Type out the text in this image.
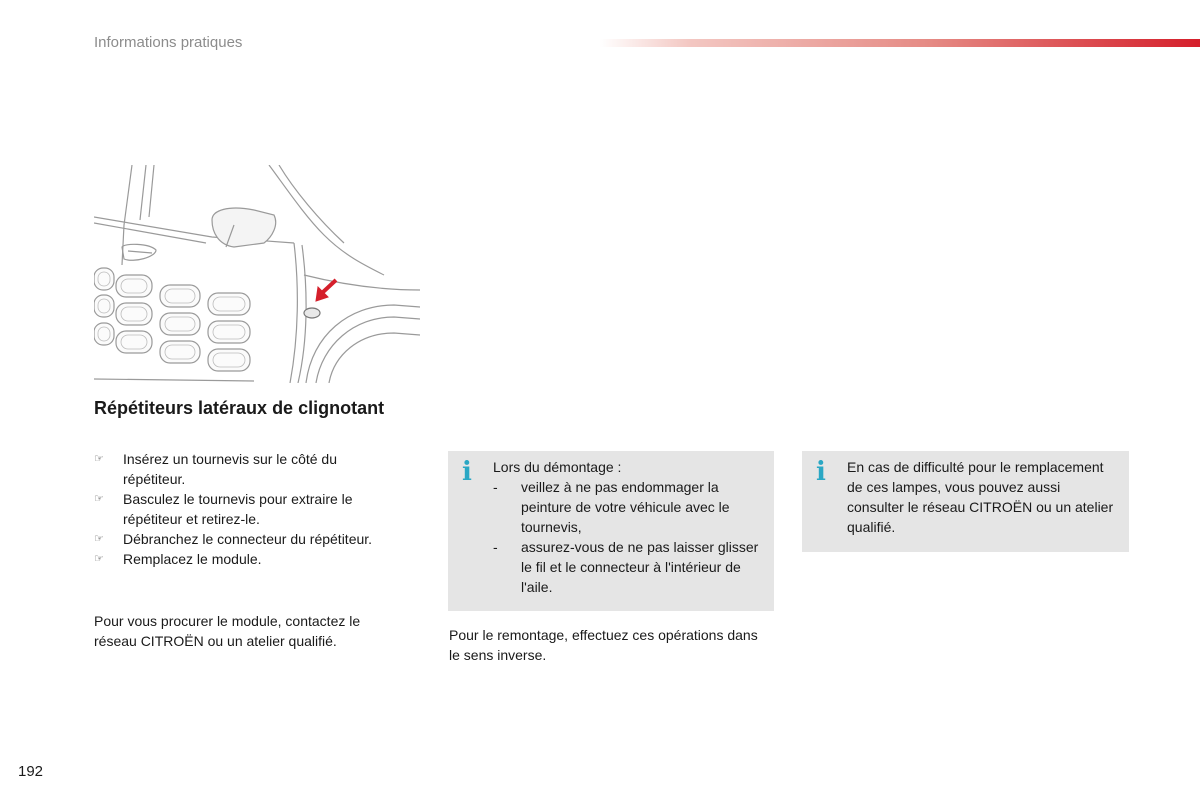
Informations pratiques
Répétiteurs latéraux de clignotant
☞ Insérez un tournevis sur le côté du répétiteur.
☞ Basculez le tournevis pour extraire le répétiteur et retirez-le.
☞ Débranchez le connecteur du répétiteur.
☞ Remplacez le module.
Pour vous procurer le module, contactez le réseau CITROËN ou un atelier qualifié.
i Lors du démontage :
- veillez à ne pas endommager la peinture de votre véhicule avec le tournevis,
- assurez-vous de ne pas laisser glisser le fil et le connecteur à l'intérieur de l'aile.
Pour le remontage, effectuez ces opérations dans le sens inverse.
i En cas de difficulté pour le remplacement de ces lampes, vous pouvez aussi consulter le réseau CITROËN ou un atelier qualifié.
192
